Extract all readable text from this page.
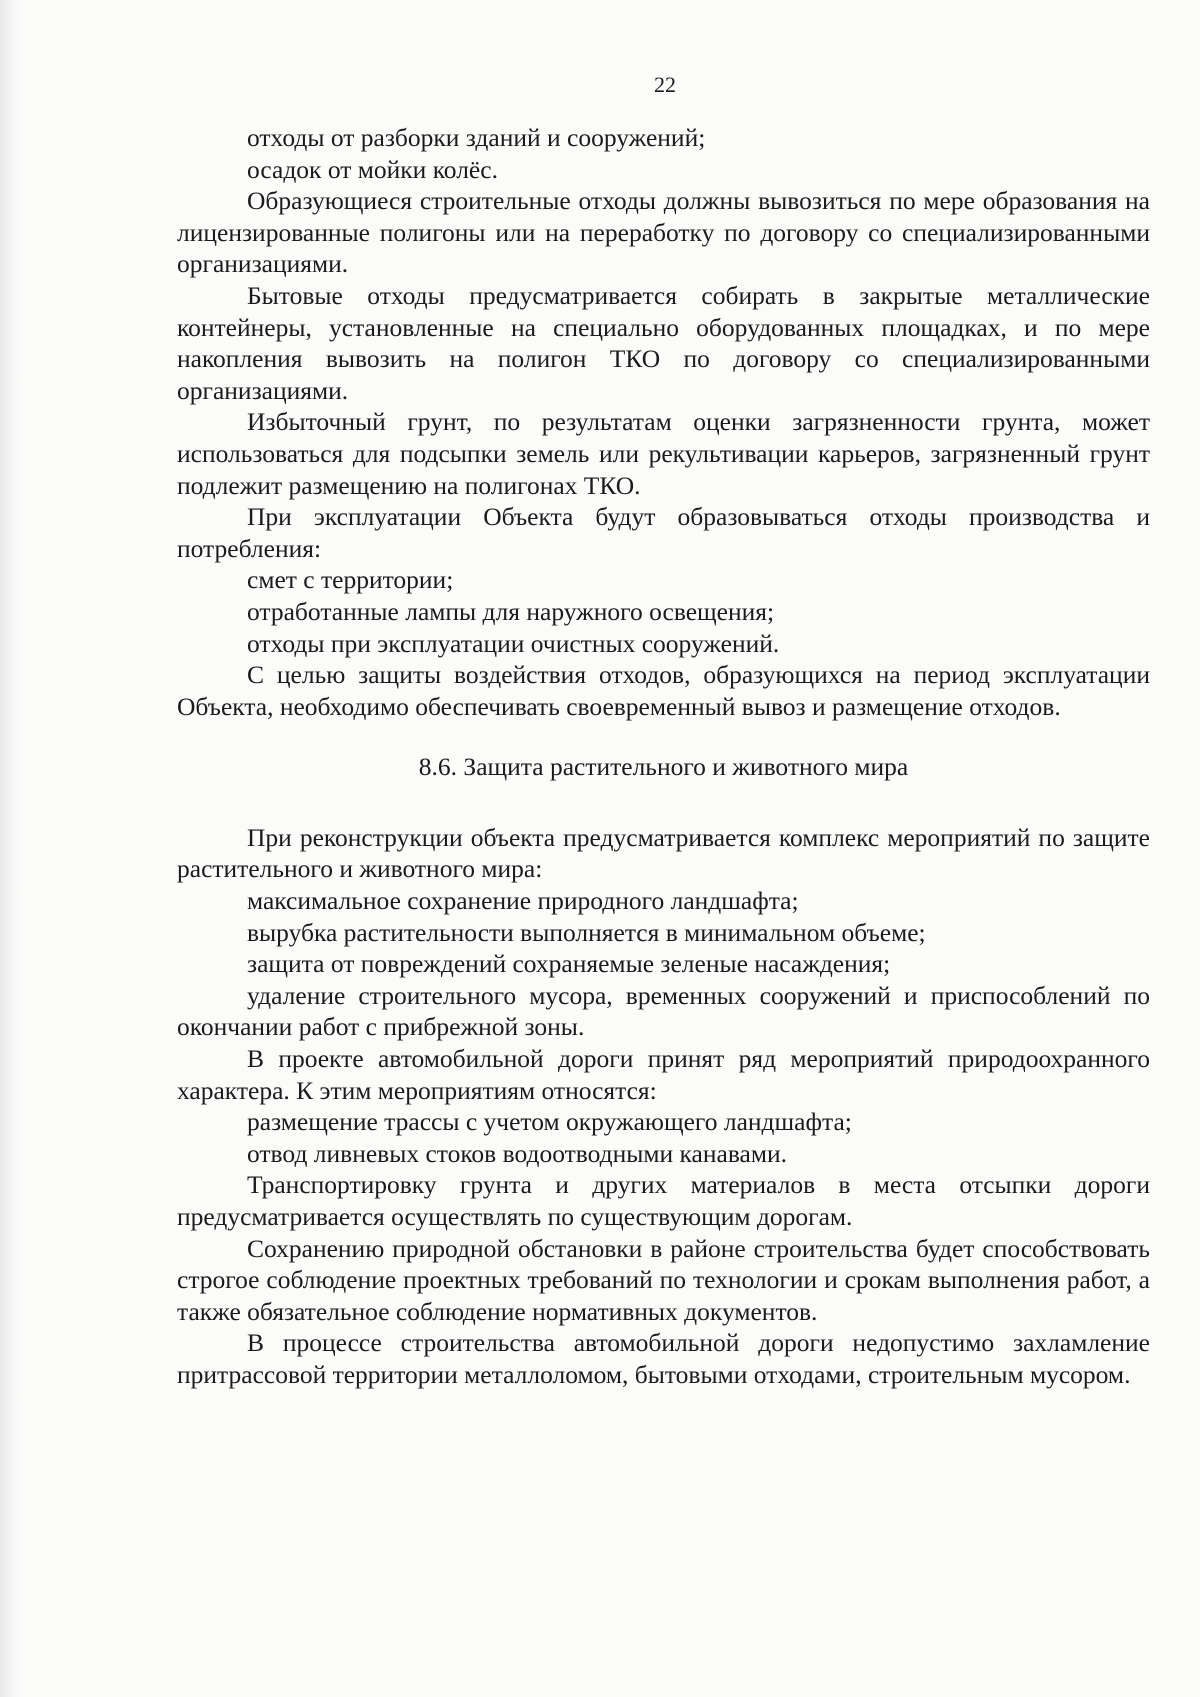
22

отходы от разборки зданий и сооружений;

осадок от мойки колёс.

Образующиеся строительные отходы должны вывозиться по мере образования на лицензированные полигоны или на переработку по договору со специализированными организациями.

Бытовые отходы предусматривается собирать в закрытые металлические контейнеры, установленные на специально оборудованных площадках, и по мере накопления вывозить на полигон ТКО по договору со специализированными организациями.

Избыточный грунт, по результатам оценки загрязненности грунта, может использоваться для подсыпки земель или рекультивации карьеров, загрязненный грунт подлежит размещению на полигонах ТКО.

При эксплуатации Объекта будут образовываться отходы производства и потребления:

смет с территории;

отработанные лампы для наружного освещения;

отходы при эксплуатации очистных сооружений.

С целью защиты воздействия отходов, образующихся на период эксплуатации Объекта, необходимо обеспечивать своевременный вывоз и размещение отходов.

8.6. Защита растительного и животного мира

При реконструкции объекта предусматривается комплекс мероприятий по защите растительного и животного мира:

максимальное сохранение природного ландшафта;

вырубка растительности выполняется в минимальном объеме;

защита от повреждений сохраняемые зеленые насаждения;

удаление строительного мусора, временных сооружений и приспособлений по окончании работ с прибрежной зоны.

В проекте автомобильной дороги принят ряд мероприятий природоохранного характера. К этим мероприятиям относятся:

размещение трассы с учетом окружающего ландшафта;

отвод ливневых стоков водоотводными канавами.

Транспортировку грунта и других материалов в места отсыпки дороги предусматривается осуществлять по существующим дорогам.

Сохранению природной обстановки в районе строительства будет способствовать строгое соблюдение проектных требований по технологии и срокам выполнения работ, а также обязательное соблюдение нормативных документов.

В процессе строительства автомобильной дороги недопустимо захламление притрассовой территории металлоломом, бытовыми отходами, строительным мусором.
